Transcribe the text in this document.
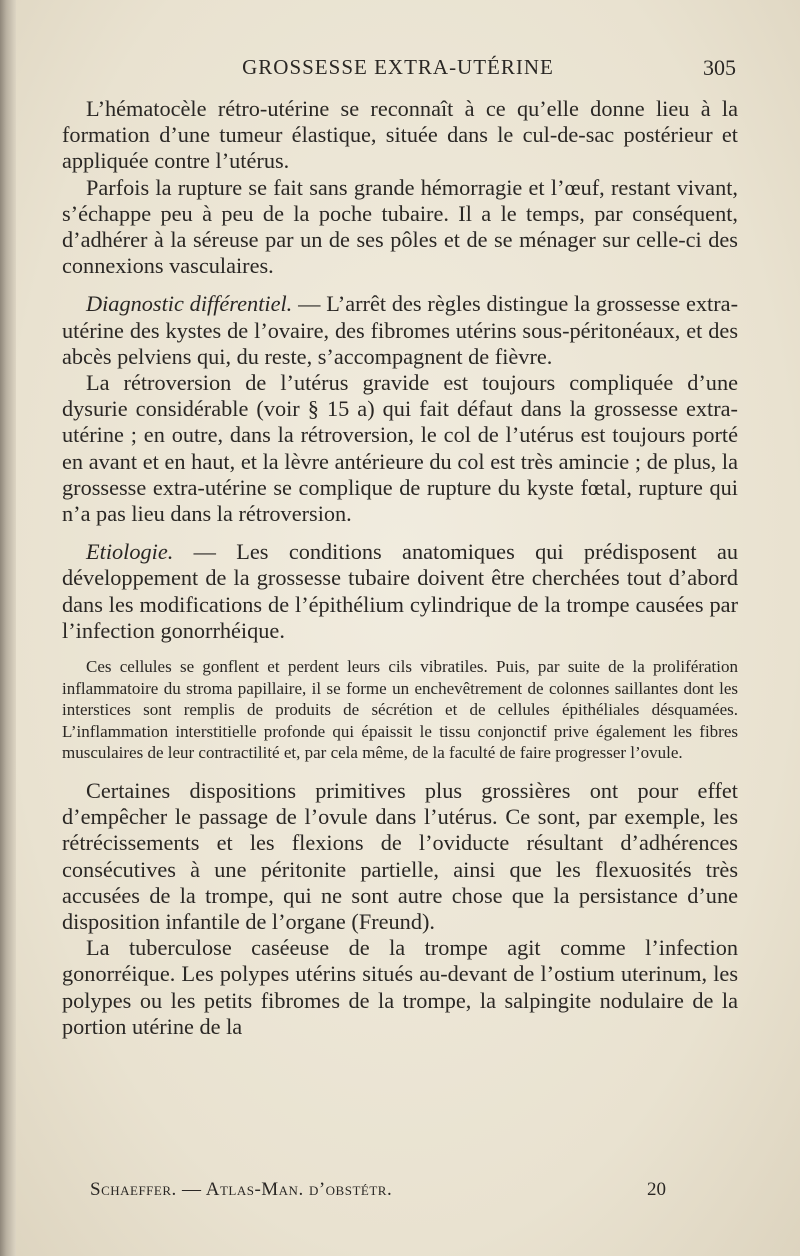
GROSSESSE EXTRA-UTÉRINE	305

L’hématocèle rétro-utérine se reconnaît à ce qu’elle donne lieu à la formation d’une tumeur élastique, située dans le cul-de-sac postérieur et appliquée contre l’utérus.

Parfois la rupture se fait sans grande hémorragie et l’œuf, restant vivant, s’échappe peu à peu de la poche tubaire. Il a le temps, par conséquent, d’adhérer à la séreuse par un de ses pôles et de se ménager sur celle-ci des connexions vasculaires.

Diagnostic différentiel. — L’arrêt des règles distingue la grossesse extra-utérine des kystes de l’ovaire, des fibromes utérins sous-péritonéaux, et des abcès pelviens qui, du reste, s’accompagnent de fièvre.

La rétroversion de l’utérus gravide est toujours compliquée d’une dysurie considérable (voir § 15 a) qui fait défaut dans la grossesse extra-utérine ; en outre, dans la rétroversion, le col de l’utérus est toujours porté en avant et en haut, et la lèvre antérieure du col est très amincie ; de plus, la grossesse extra-utérine se complique de rupture du kyste fœtal, rupture qui n’a pas lieu dans la rétroversion.

Etiologie. — Les conditions anatomiques qui prédisposent au développement de la grossesse tubaire doivent être cherchées tout d’abord dans les modifications de l’épithélium cylindrique de la trompe causées par l’infection gonorrhéique.

Ces cellules se gonflent et perdent leurs cils vibratiles. Puis, par suite de la prolifération inflammatoire du stroma papillaire, il se forme un enchevêtrement de colonnes saillantes dont les interstices sont remplis de produits de sécrétion et de cellules épithéliales désquamées. L’inflammation interstitielle profonde qui épaissit le tissu conjonctif prive également les fibres musculaires de leur contractilité et, par cela même, de la faculté de faire progresser l’ovule.

Certaines dispositions primitives plus grossières ont pour effet d’empêcher le passage de l’ovule dans l’utérus. Ce sont, par exemple, les rétrécissements et les flexions de l’oviducte résultant d’adhérences consécutives à une péritonite partielle, ainsi que les flexuosités très accusées de la trompe, qui ne sont autre chose que la persistance d’une disposition infantile de l’organe (Freund).

La tuberculose caséeuse de la trompe agit comme l’infection gonorréique. Les polypes utérins situés au-devant de l’ostium uterinum, les polypes ou les petits fibromes de la trompe, la salpingite nodulaire de la portion utérine de la

Schaeffer. — Atlas-Man. d’obstétr.	20
